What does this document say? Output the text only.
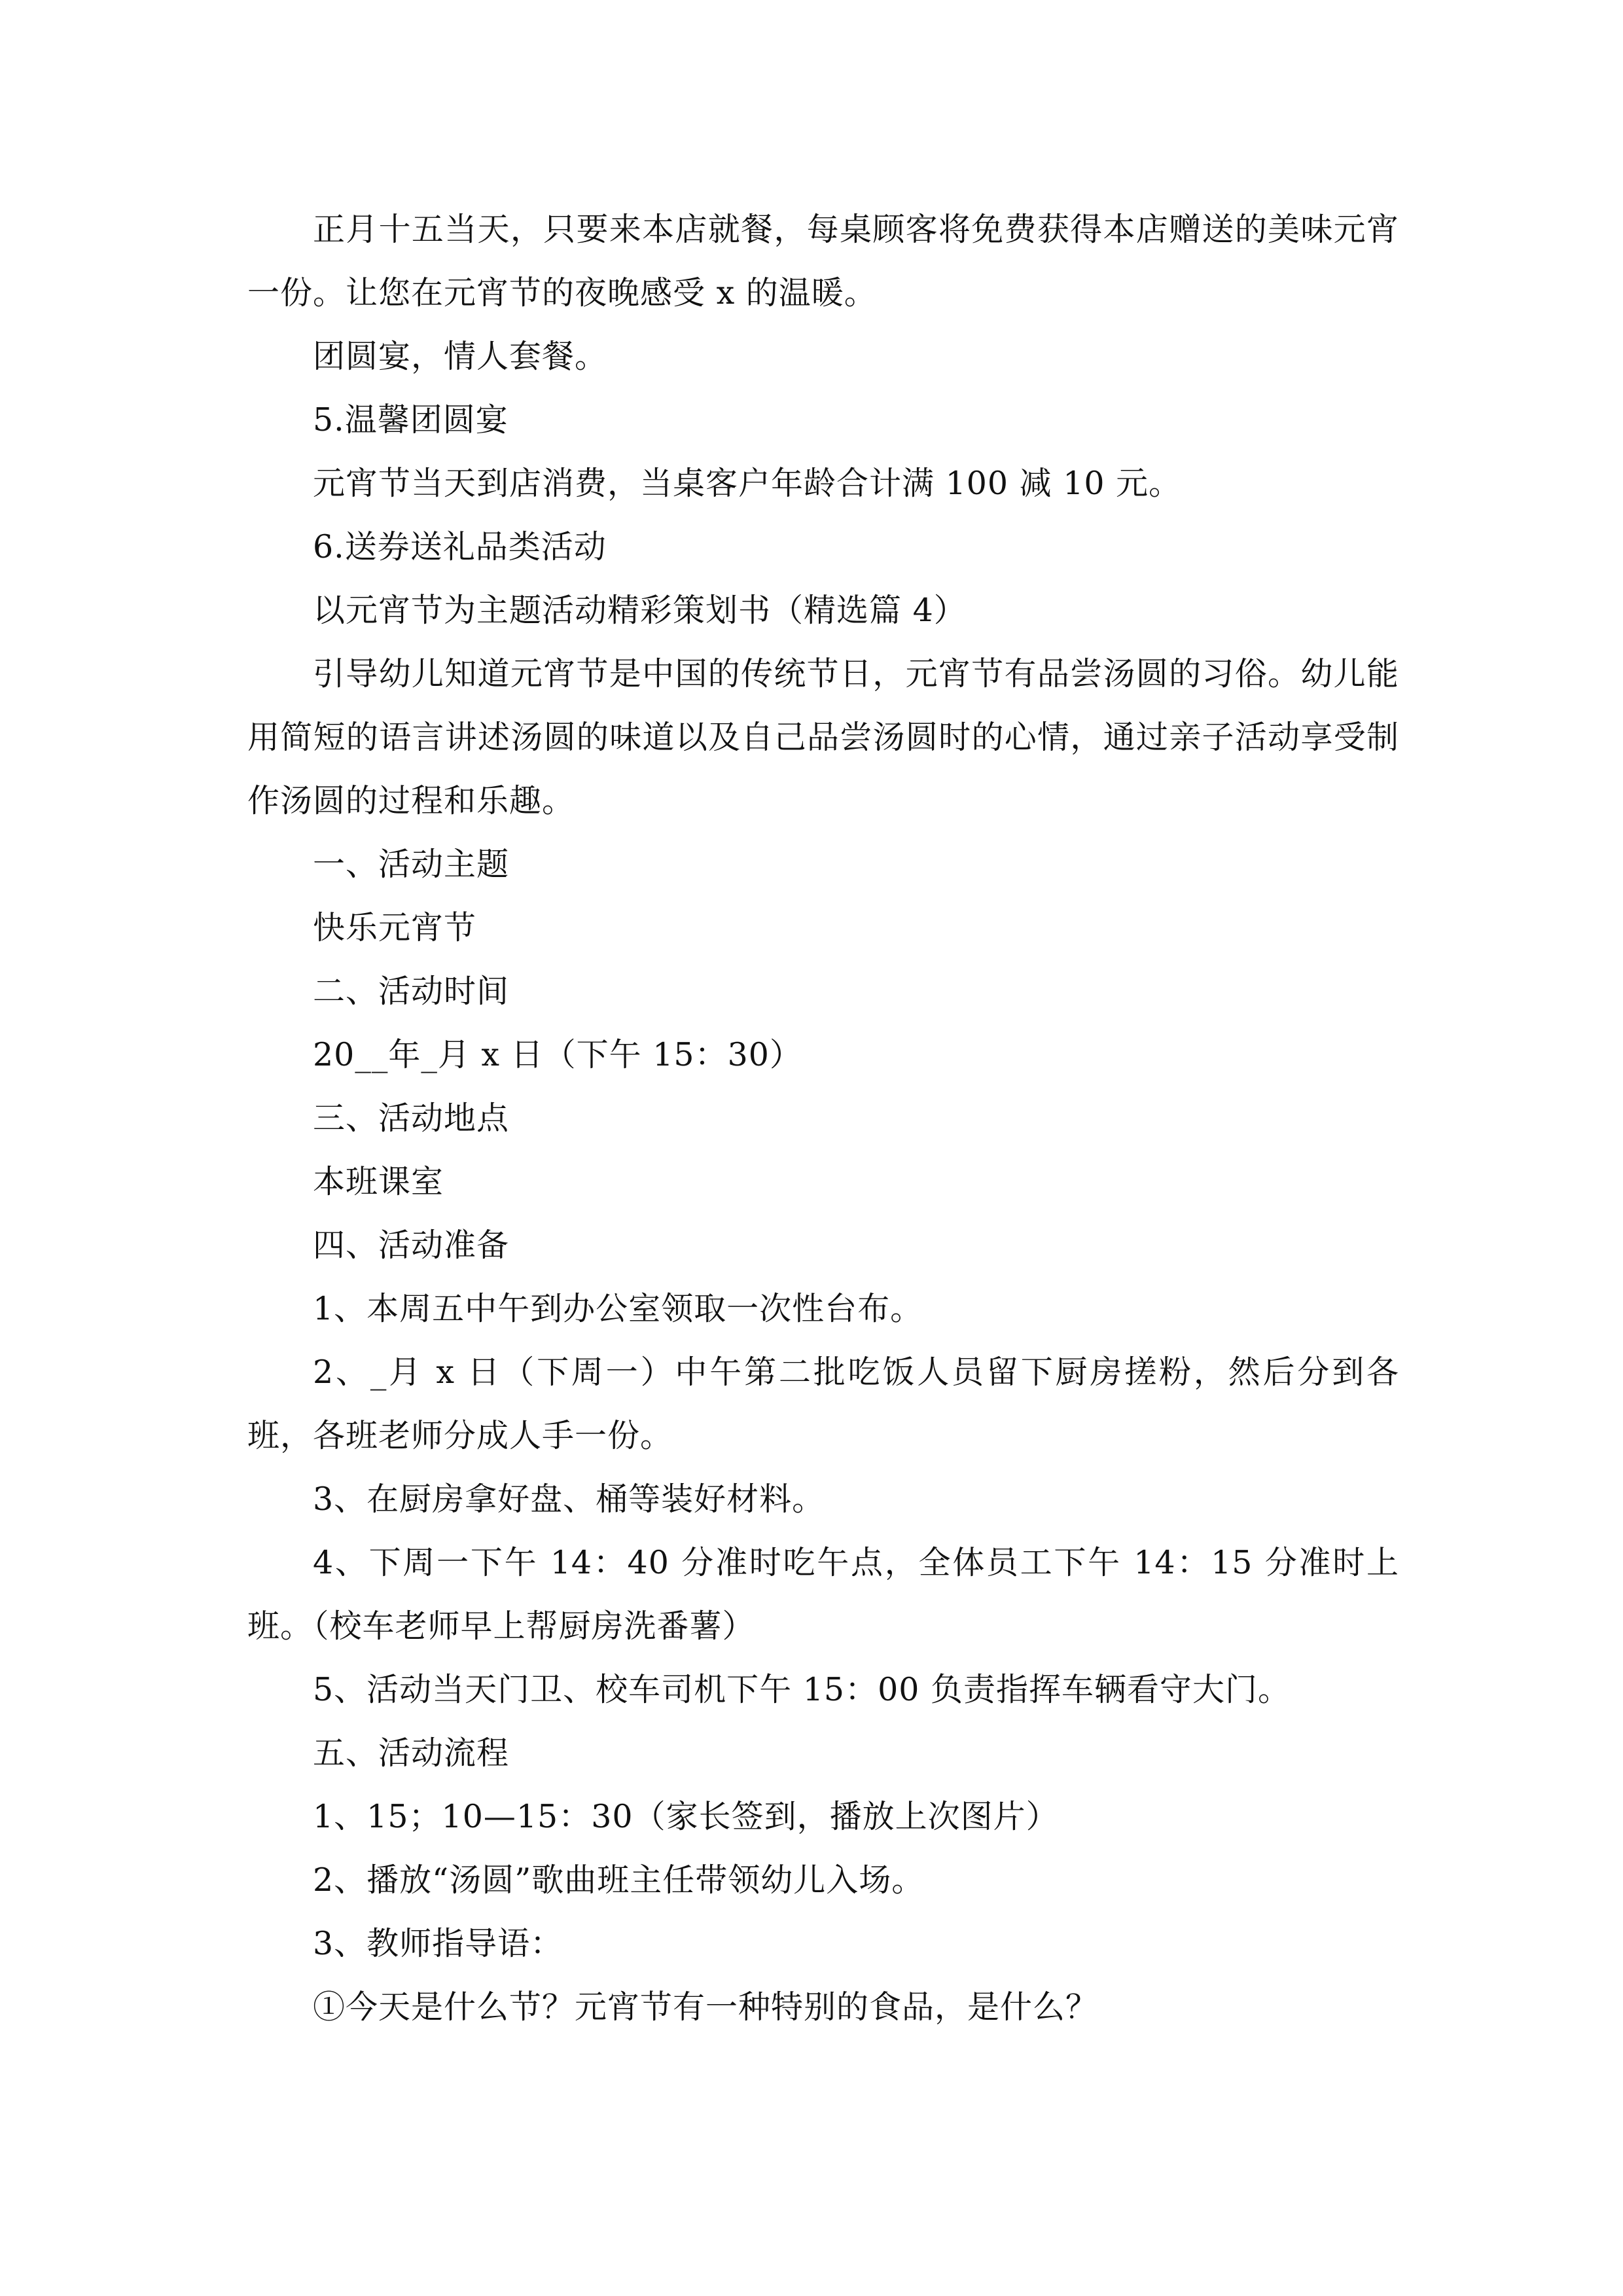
正月十五当天，只要来本店就餐，每桌顾客将免费获得本店赠送的美味元宵一份。让您在元宵节的夜晚感受 x 的温暖。

团圆宴，情人套餐。

5.温馨团圆宴

元宵节当天到店消费，当桌客户年龄合计满 100 减 10 元。

6.送券送礼品类活动

以元宵节为主题活动精彩策划书（精选篇 4）

引导幼儿知道元宵节是中国的传统节日，元宵节有品尝汤圆的习俗。幼儿能用简短的语言讲述汤圆的味道以及自己品尝汤圆时的心情，通过亲子活动享受制作汤圆的过程和乐趣。

一、活动主题

快乐元宵节

二、活动时间

20__年_月 x 日（下午 15：30）

三、活动地点

本班课室

四、活动准备

1、本周五中午到办公室领取一次性台布。

2、_月 x 日（下周一）中午第二批吃饭人员留下厨房搓粉，然后分到各班，各班老师分成人手一份。

3、在厨房拿好盘、桶等装好材料。

4、下周一下午 14：40 分准时吃午点，全体员工下午 14：15 分准时上班。（校车老师早上帮厨房洗番薯）

5、活动当天门卫、校车司机下午 15：00 负责指挥车辆看守大门。

五、活动流程

1、15；10—15：30（家长签到，播放上次图片）

2、播放“汤圆”歌曲班主任带领幼儿入场。

3、教师指导语：

①今天是什么节？元宵节有一种特别的食品，是什么？
